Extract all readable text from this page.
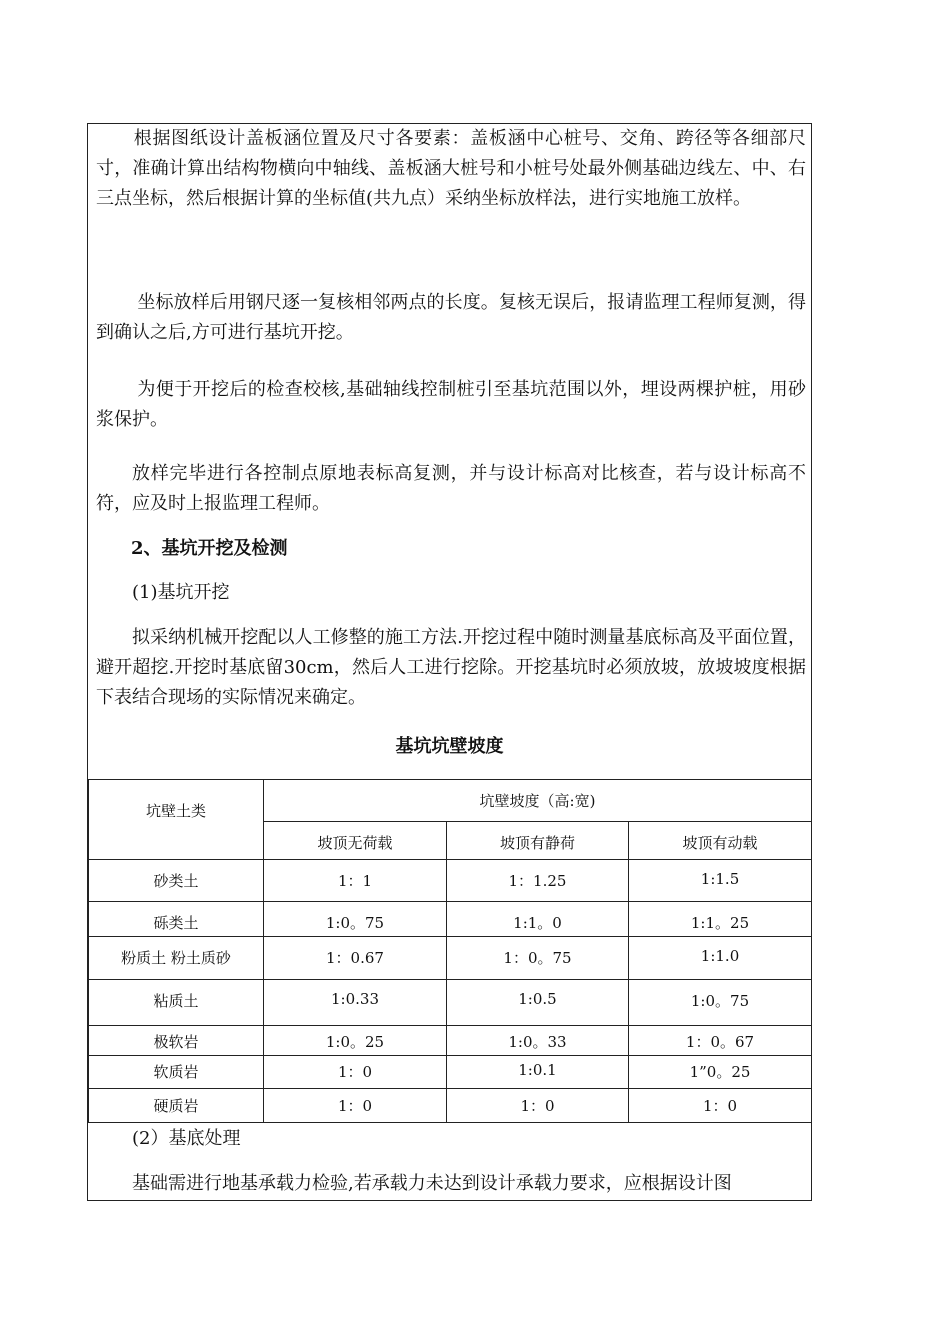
根据图纸设计盖板涵位置及尺寸各要素：盖板涵中心桩号、交角、跨径等各细部尺寸，准确计算出结构物横向中轴线、盖板涵大桩号和小桩号处最外侧基础边线左、中、右三点坐标，然后根据计算的坐标值(共九点）采纳坐标放样法，进行实地施工放样。

坐标放样后用钢尺逐一复核相邻两点的长度。复核无误后，报请监理工程师复测，得到确认之后,方可进行基坑开挖。

为便于开挖后的检查校核,基础轴线控制桩引至基坑范围以外，埋设两棵护桩，用砂浆保护。

放样完毕进行各控制点原地表标高复测，并与设计标高对比核查，若与设计标高不符，应及时上报监理工程师。

2、基坑开挖及检测

(1)基坑开挖

拟采纳机械开挖配以人工修整的施工方法.开挖过程中随时测量基底标高及平面位置，避开超挖.开挖时基底留30cm，然后人工进行挖除。开挖基坑时必须放坡，放坡坡度根据下表结合现场的实际情况来确定。

基坑坑壁坡度
坑壁土类	坑壁坡度（高:宽)		
	坡顶无荷载	坡顶有静荷	坡顶有动载
砂类土	1：1	1：1.25	1:1.5
砾类土	1:0。75	1:1。0	1:1。25
粉质土 粉土质砂	1：0.67	1：0。75	1:1.0
粘质土	1:0.33	1:0.5	1:0。75
极软岩	1:0。25	1:0。33	1：0。67
软质岩	1：0	1:0.1	1”0。25
硬质岩	1：0	1：0	1：0

(2）基底处理

基础需进行地基承载力检验,若承载力未达到设计承载力要求，应根据设计图
